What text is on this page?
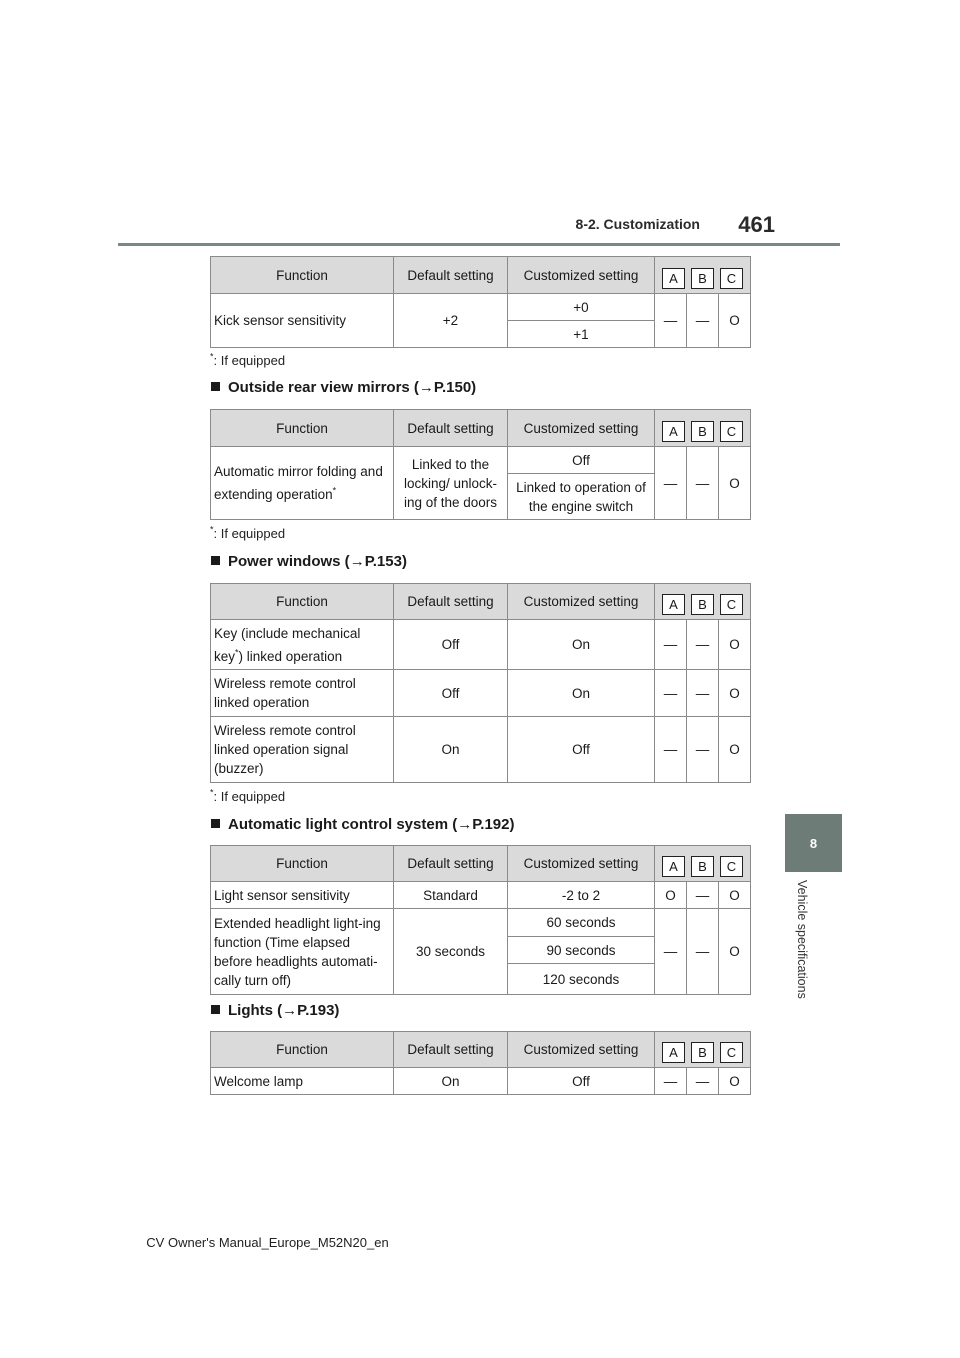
8-2. Customization	461
8
Vehicle specifications
Function	Default setting	Customized setting	A B C		

Kick sensor sensitivity	+2	+0	—	—	O
		+1			
*: If equipped
Outside rear view mirrors (→P.150)
Function	Default setting	Customized setting	A B C		

Automatic mirror folding and extending operation*	Linked to the locking/ unlock-ing of the doors	Off	—	—	O
		Linked to operation of the engine switch			
*: If equipped
Power windows (→P.153)
Function	Default setting	Customized setting	A B C		

Key (include mechanical key*) linked operation	Off	On	—	—	O
Wireless remote control linked operation	Off	On	—	—	O
Wireless remote control linked operation signal (buzzer)	On	Off	—	—	O
*: If equipped
Automatic light control system (→P.192)
Function	Default setting	Customized setting	A B C		

Light sensor sensitivity	Standard	-2 to 2	O	—	O
Extended headlight light-ing function (Time elapsed before headlights automati-cally turn off)	30 seconds	60 seconds	—	—	O
		90 seconds			
		120 seconds			
Lights (→P.193)
Function	Default setting	Customized setting	A B C		

Welcome lamp	On	Off	—	—	O
CV Owner's Manual_Europe_M52N20_en
